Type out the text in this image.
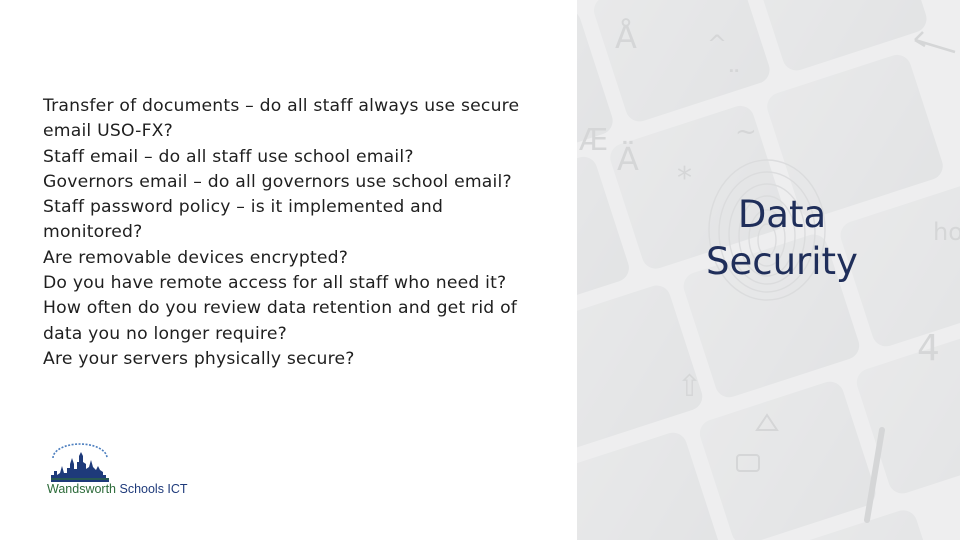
Transfer of documents – do all staff always use secure
email USO-FX?
Staff email – do all staff use school email?
Governors email – do all governors use school email?
Staff password policy – is it implemented and
monitored?
Are removable devices encrypted?
Do you have remote access for all staff who need it?
How often do you review data retention and get rid of
data you no longer require?
Are your servers physically secure?
Wandsworth Schools ICT
Data
Security
